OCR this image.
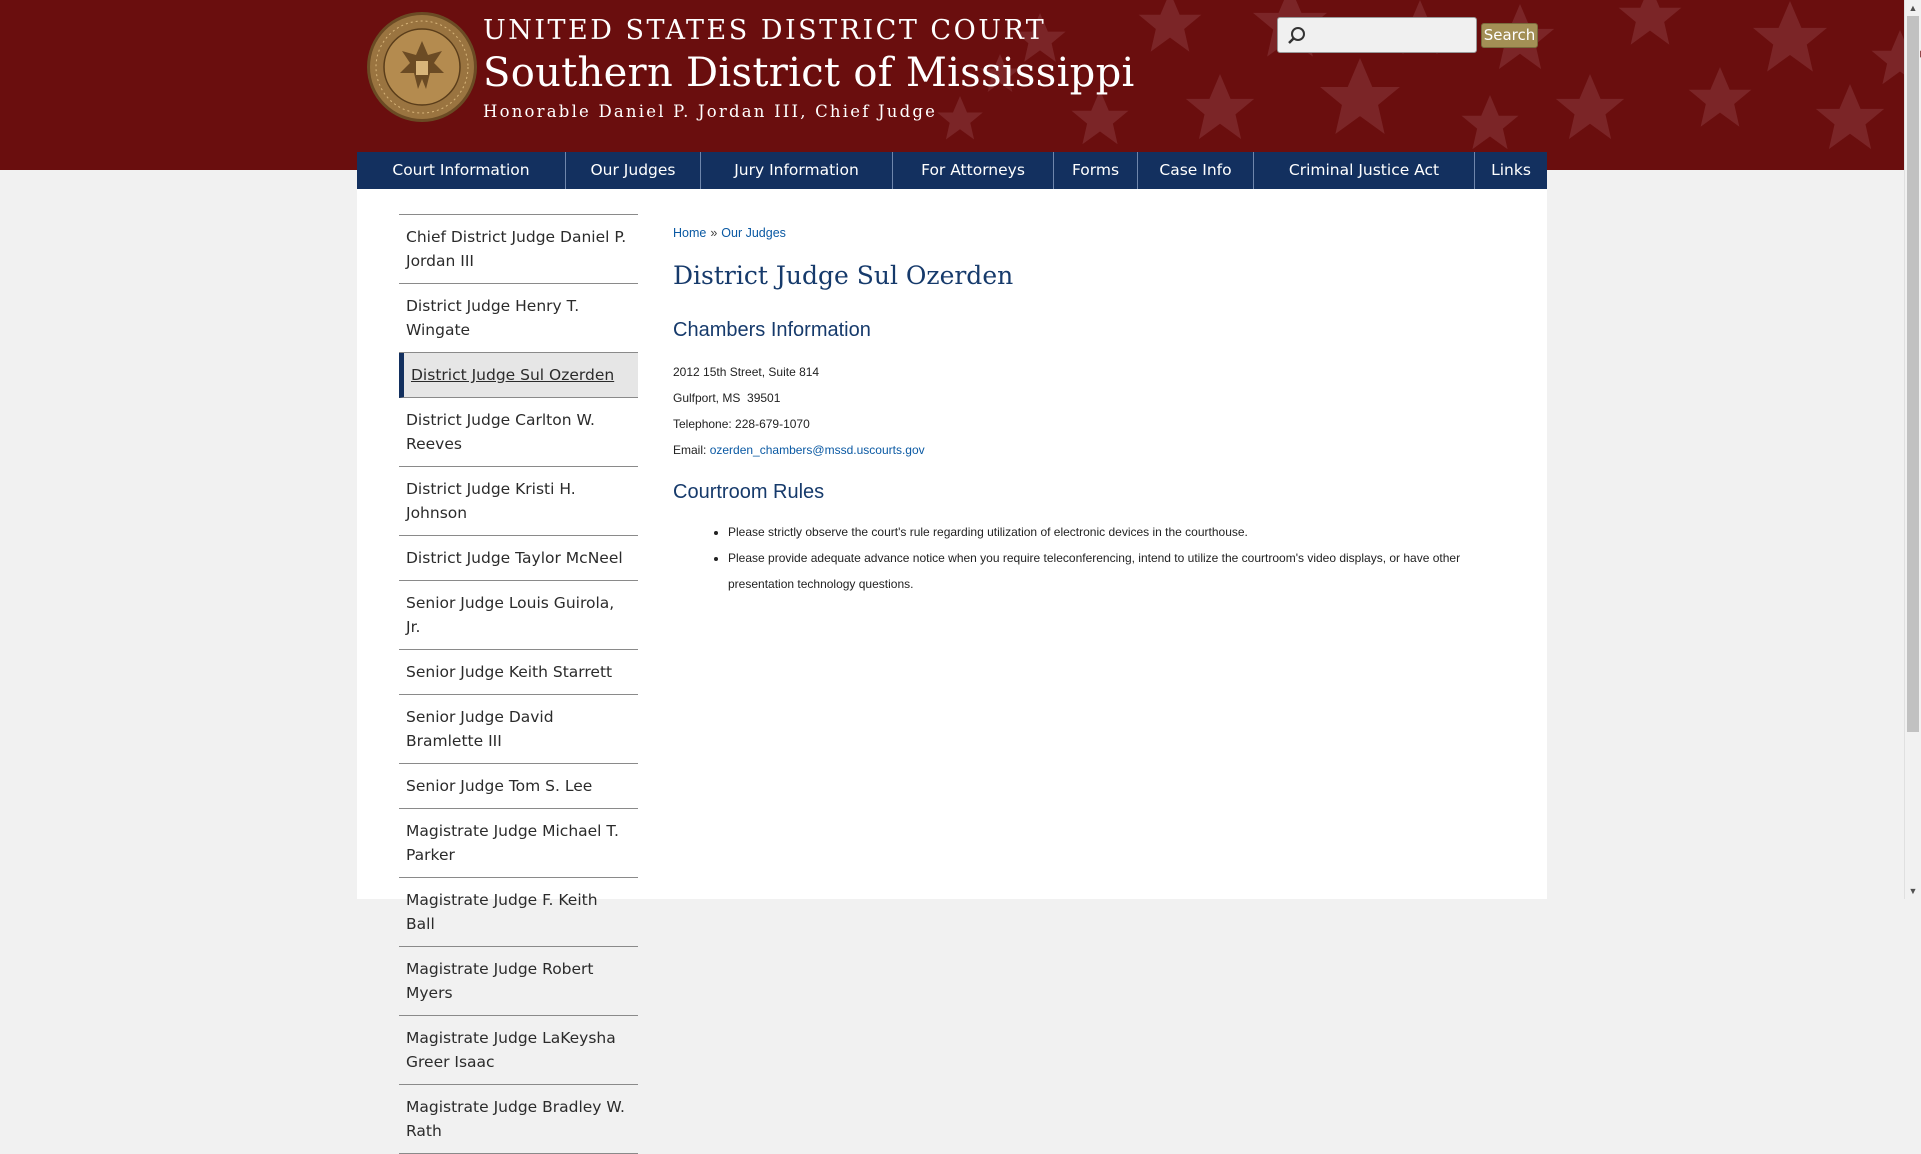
UNITED STATES DISTRICT COURT
Southern District of Mississippi
Honorable Daniel P. Jordan III, Chief Judge
Search
Court Information	Our Judges	Jury Information	For Attorneys	Forms	Case Info	Criminal Justice Act	Links
Chief District Judge Daniel P. Jordan III
District Judge Henry T. Wingate
District Judge Sul Ozerden
District Judge Carlton W. Reeves
District Judge Kristi H. Johnson
District Judge Taylor McNeel
Senior Judge Louis Guirola, Jr.
Senior Judge Keith Starrett
Senior Judge David Bramlette III
Senior Judge Tom S. Lee
Magistrate Judge Michael T. Parker
Magistrate Judge F. Keith Ball
Magistrate Judge Robert Myers
Magistrate Judge LaKeysha Greer Isaac
Magistrate Judge Bradley W. Rath
Home » Our Judges
District Judge Sul Ozerden
Chambers Information
2012 15th Street, Suite 814
Gulfport, MS  39501
Telephone: 228-679-1070
Email: ozerden_chambers@mssd.uscourts.gov
Courtroom Rules
• Please strictly observe the court's rule regarding utilization of electronic devices in the courthouse.
• Please provide adequate advance notice when you require teleconferencing, intend to utilize the courtroom's video displays, or have other presentation technology questions.
▲
▼
